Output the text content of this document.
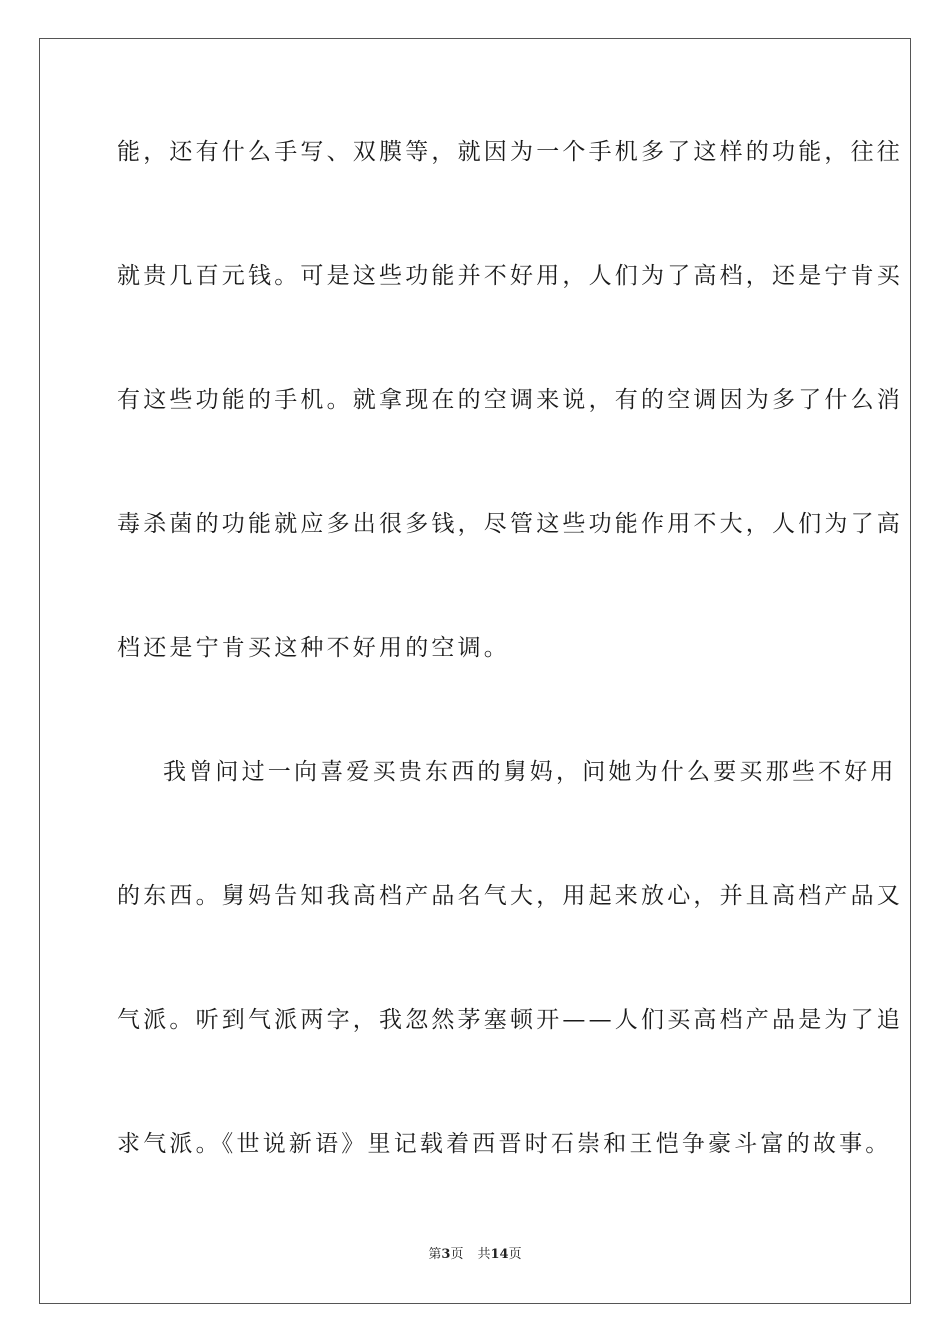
能，还有什么手写、双膜等，就因为一个手机多了这样的功能，往往
就贵几百元钱。可是这些功能并不好用，人们为了高档，还是宁肯买
有这些功能的手机。就拿现在的空调来说，有的空调因为多了什么消
毒杀菌的功能就应多出很多钱，尽管这些功能作用不大，人们为了高
档还是宁肯买这种不好用的空调。
我曾问过一向喜爱买贵东西的舅妈，问她为什么要买那些不好用
的东西。舅妈告知我高档产品名气大，用起来放心，并且高档产品又
气派。听到气派两字，我忽然茅塞顿开——人们买高档产品是为了追
求气派。《世说新语》里记载着西晋时石崇和王恺争豪斗富的故事。
第3页 共14页
